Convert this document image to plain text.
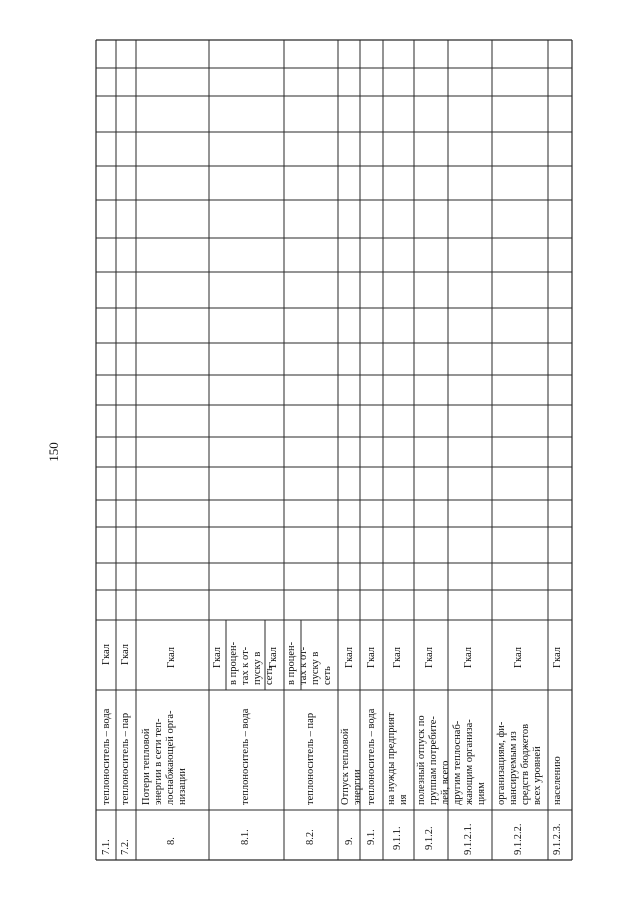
150
7.1.
теплоноситель – вода
Гкал
7.2.
теплоноситель – пар
Гкал
8.
Потери тепловой
энергии в сети теп-
лоснабжающей орга-
низации
Гкал
8.1.
теплоноситель – вода
Гкал
в процен-
тах к от-
пуску в
сеть
8.2.
теплоноситель – пар
Гкал
в процен-
тах к от-
пуску в
сеть
9.
Отпуск тепловой
энергии
Гкал
9.1.
теплоноситель – вода
Гкал
9.1.1.
на нужды предприят
ия
Гкал
9.1.2.
полезный отпуск по
группам потребите-
лей, всего
Гкал
9.1.2.1.
другим теплоснаб-
жающим организа-
циям
Гкал
9.1.2.2.
организациям, фи-
нансируемым из
средств бюджетов
всех уровней
Гкал
9.1.2.3.
населению
Гкал
